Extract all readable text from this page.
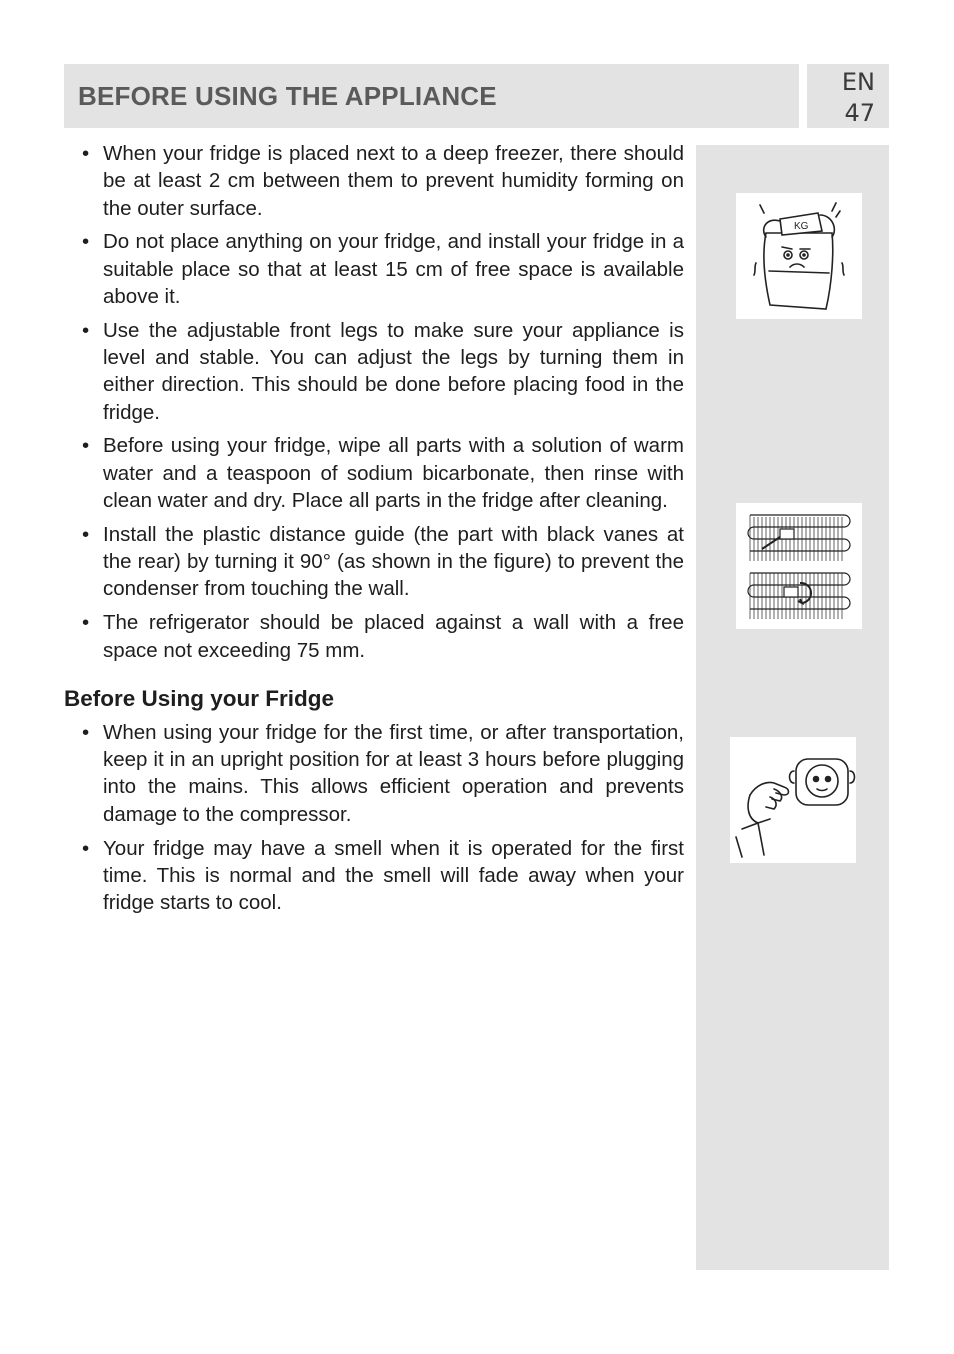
BEFORE USING THE APPLIANCE	EN
47
KG
• When your fridge is placed next to a deep freezer, there should be at least 2 cm between them to prevent humidity forming on the outer surface.
• Do not place anything on your fridge, and install your fridge in a suitable place so that at least 15 cm of free space is available above it.
• Use the adjustable front legs to make sure your appliance is level and stable. You can adjust the legs by turning them in either direction. This should be done before placing food in the fridge.
• Before using your fridge, wipe all parts with a solution of warm water and a teaspoon of sodium bicarbonate, then rinse with clean water and dry. Place all parts in the fridge after cleaning.
• Install the plastic distance guide (the part with black vanes at the rear) by turning it 90° (as shown in the figure) to prevent the condenser from touching the wall.
• The refrigerator should be placed against a wall with a free space not exceeding 75 mm.
Before Using your Fridge
• When using your fridge for the first time, or after transportation, keep it in an upright position for at least 3 hours before plugging into the mains. This allows efficient operation and prevents damage to the compressor.
• Your fridge may have a smell when it is operated for the first time. This is normal and the smell will fade away when your fridge starts to cool.
